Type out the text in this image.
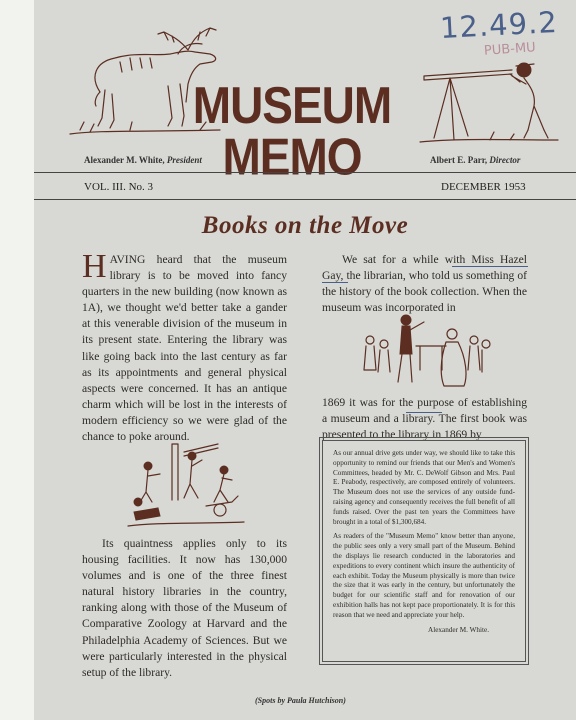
12.49.2
PUB-MU
MUSEUM MEMO
Alexander M. White, President	Albert E. Parr, Director
VOL. III. No. 3	DECEMBER 1953
Books on the Move

HAVING heard that the museum library is to be moved into fancy quarters in the new building (now known as 1A), we thought we'd better take a gander at this venerable division of the museum in its present state. Entering the library was like going back into the last century as far as its appointments and general physical aspects were concerned. It has an antique charm which will be lost in the interests of modern efficiency so we were glad of the chance to poke around.

Its quaintness applies only to its housing facilities. It now has 130,000 volumes and is one of the three finest natural history libraries in the country, ranking along with those of the Museum of Comparative Zoology at Harvard and the Philadelphia Academy of Sciences. But we were particularly interested in the physical setup of the library.

We sat for a while with Miss Hazel Gay, the librarian, who told us something of the history of the book collection. When the museum was incorporated in

1869 it was for the purpose of establishing a museum and a library. The first book was presented to the library in 1869 by

As our annual drive gets under way, we should like to take this opportunity to remind our friends that our Men's and Women's Committees, headed by Mr. C. DeWolf Gibson and Mrs. Paul E. Peabody, respectively, are composed entirely of volunteers. The Museum does not use the services of any outside fund-raising agency and consequently receives the full benefit of all funds raised. Over the past ten years the Committees have brought in a total of $1,300,684.

As readers of the "Museum Memo" know better than anyone, the public sees only a very small part of the Museum. Behind the displays lie research conducted in the laboratories and expeditions to every continent which insure the authenticity of each exhibit. Today the Museum physically is more than twice the size that it was early in the century, but unfortunately the budget for our scientific staff and for renovation of our exhibition halls has not kept pace proportionately. It is for this reason that we need and appreciate your help.

Alexander M. White.

(Spots by Paula Hutchison)
